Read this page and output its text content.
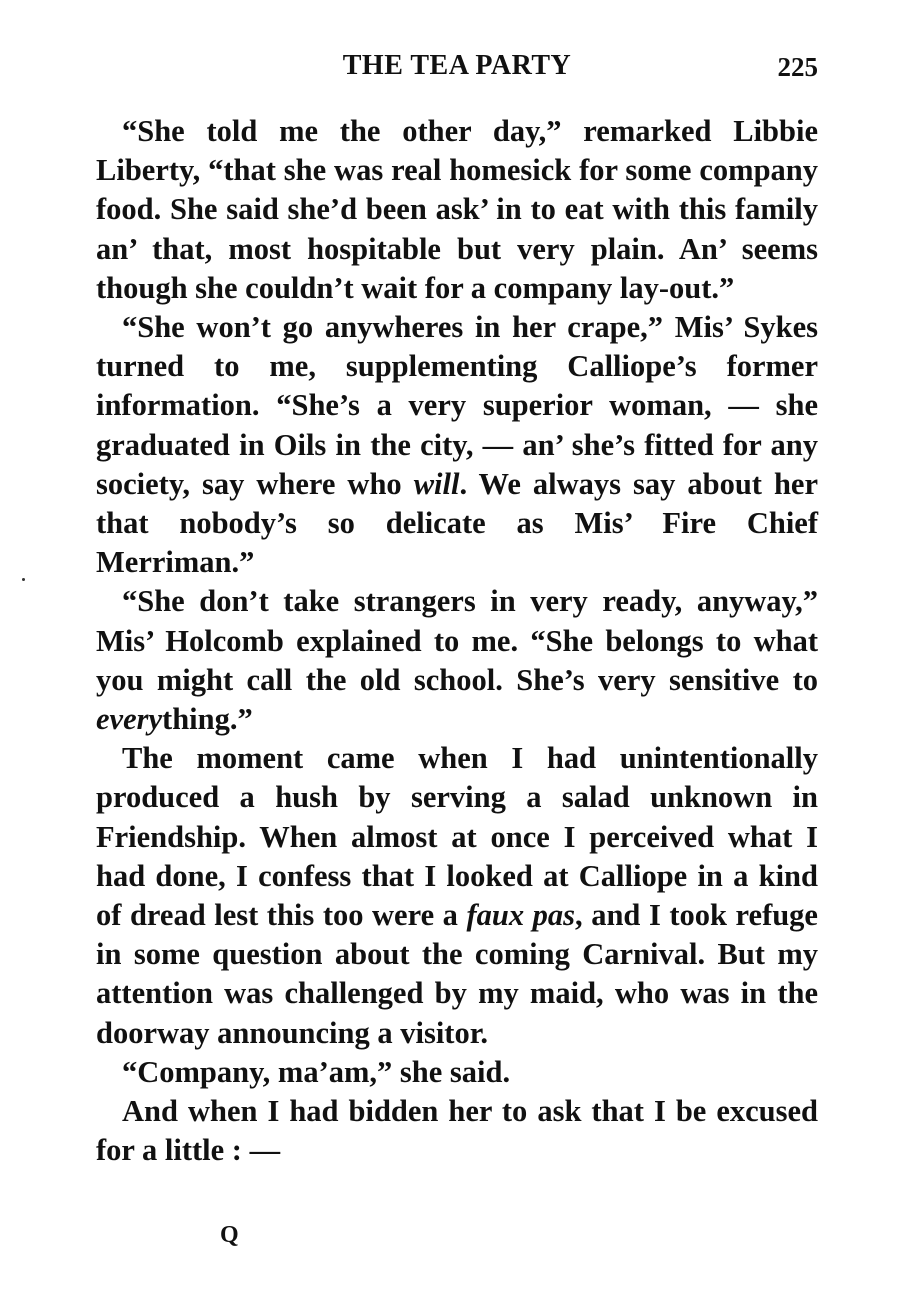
THE TEA PARTY	225

“She told me the other day,” remarked Libbie Liberty, “that she was real homesick for some company food. She said she’d been ask’ in to eat with this family an’ that, most hospitable but very plain. An’ seems though she couldn’t wait for a company lay-out.”

“She won’t go anywheres in her crape,” Mis’ Sykes turned to me, supplementing Calliope’s former information. “She’s a very superior woman, — she graduated in Oils in the city, — an’ she’s fitted for any society, say where who will. We always say about her that nobody’s so delicate as Mis’ Fire Chief Merriman.”

“She don’t take strangers in very ready, anyway,” Mis’ Holcomb explained to me. “She belongs to what you might call the old school. She’s very sensitive to everything.”

The moment came when I had unintentionally produced a hush by serving a salad unknown in Friendship. When almost at once I perceived what I had done, I confess that I looked at Calliope in a kind of dread lest this too were a faux pas, and I took refuge in some question about the coming Carnival. But my attention was challenged by my maid, who was in the doorway announcing a visitor.

“Company, ma’am,” she said.

And when I had bidden her to ask that I be excused for a little : —

Q
